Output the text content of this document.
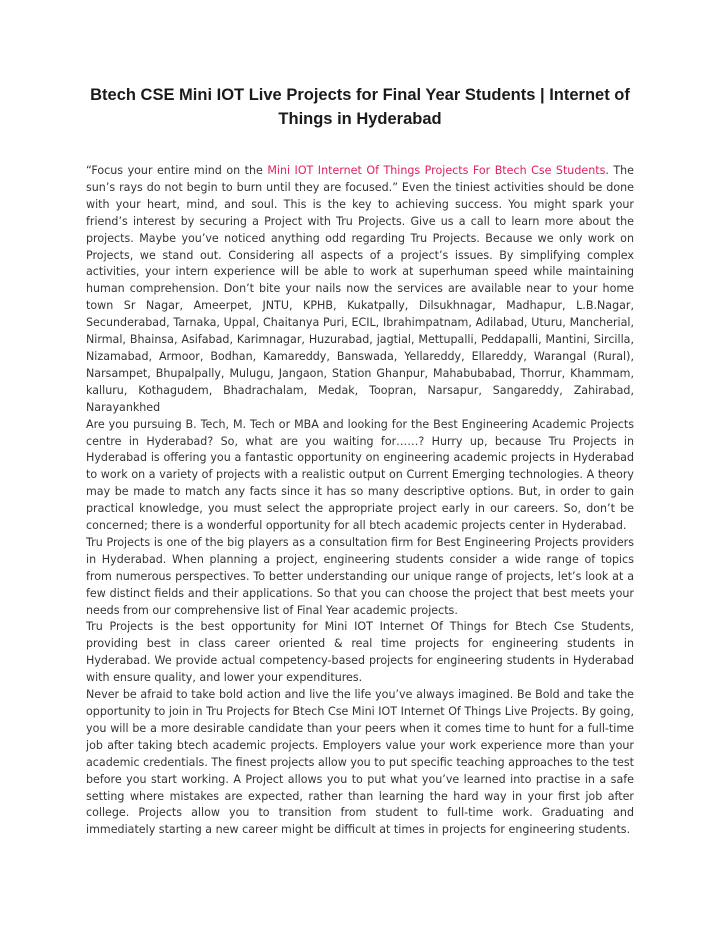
Btech CSE Mini IOT Live Projects for Final Year Students | Internet of Things in Hyderabad

“Focus your entire mind on the Mini IOT Internet Of Things Projects For Btech Cse Students. The sun’s rays do not begin to burn until they are focused.” Even the tiniest activities should be done with your heart, mind, and soul. This is the key to achieving success. You might spark your friend’s interest by securing a Project with Tru Projects. Give us a call to learn more about the projects. Maybe you’ve noticed anything odd regarding Tru Projects. Because we only work on Projects, we stand out. Considering all aspects of a project’s issues. By simplifying complex activities, your intern experience will be able to work at superhuman speed while maintaining human comprehension. Don’t bite your nails now the services are available near to your home town Sr Nagar, Ameerpet, JNTU, KPHB, Kukatpally, Dilsukhnagar, Madhapur, L.B.Nagar, Secunderabad, Tarnaka, Uppal, Chaitanya Puri, ECIL, Ibrahimpatnam, Adilabad, Uturu, Mancherial, Nirmal, Bhainsa, Asifabad, Karimnagar, Huzurabad, jagtial, Mettupalli, Peddapalli, Mantini, Sircilla, Nizamabad, Armoor, Bodhan, Kamareddy, Banswada, Yellareddy, Ellareddy, Warangal (Rural), Narsampet, Bhupalpally, Mulugu, Jangaon, Station Ghanpur, Mahabubabad, Thorrur, Khammam, kalluru, Kothagudem, Bhadrachalam, Medak, Toopran, Narsapur, Sangareddy, Zahirabad, Narayankhed

Are you pursuing B. Tech, M. Tech or MBA and looking for the Best Engineering Academic Projects centre in Hyderabad? So, what are you waiting for……? Hurry up, because Tru Projects in Hyderabad is offering you a fantastic opportunity on engineering academic projects in Hyderabad to work on a variety of projects with a realistic output on Current Emerging technologies. A theory may be made to match any facts since it has so many descriptive options. But, in order to gain practical knowledge, you must select the appropriate project early in our careers. So, don’t be concerned; there is a wonderful opportunity for all btech academic projects center in Hyderabad.

Tru Projects is one of the big players as a consultation firm for Best Engineering Projects providers in Hyderabad. When planning a project, engineering students consider a wide range of topics from numerous perspectives. To better understanding our unique range of projects, let’s look at a few distinct fields and their applications. So that you can choose the project that best meets your needs from our comprehensive list of Final Year academic projects.

Tru Projects is the best opportunity for Mini IOT Internet Of Things for Btech Cse Students, providing best in class career oriented & real time projects for engineering students in Hyderabad. We provide actual competency-based projects for engineering students in Hyderabad with ensure quality, and lower your expenditures.

Never be afraid to take bold action and live the life you’ve always imagined. Be Bold and take the opportunity to join in Tru Projects for Btech Cse Mini IOT Internet Of Things Live Projects. By going, you will be a more desirable candidate than your peers when it comes time to hunt for a full-time job after taking btech academic projects. Employers value your work experience more than your academic credentials. The finest projects allow you to put specific teaching approaches to the test before you start working. A Project allows you to put what you’ve learned into practise in a safe setting where mistakes are expected, rather than learning the hard way in your first job after college. Projects allow you to transition from student to full-time work. Graduating and immediately starting a new career might be difficult at times in projects for engineering students.
